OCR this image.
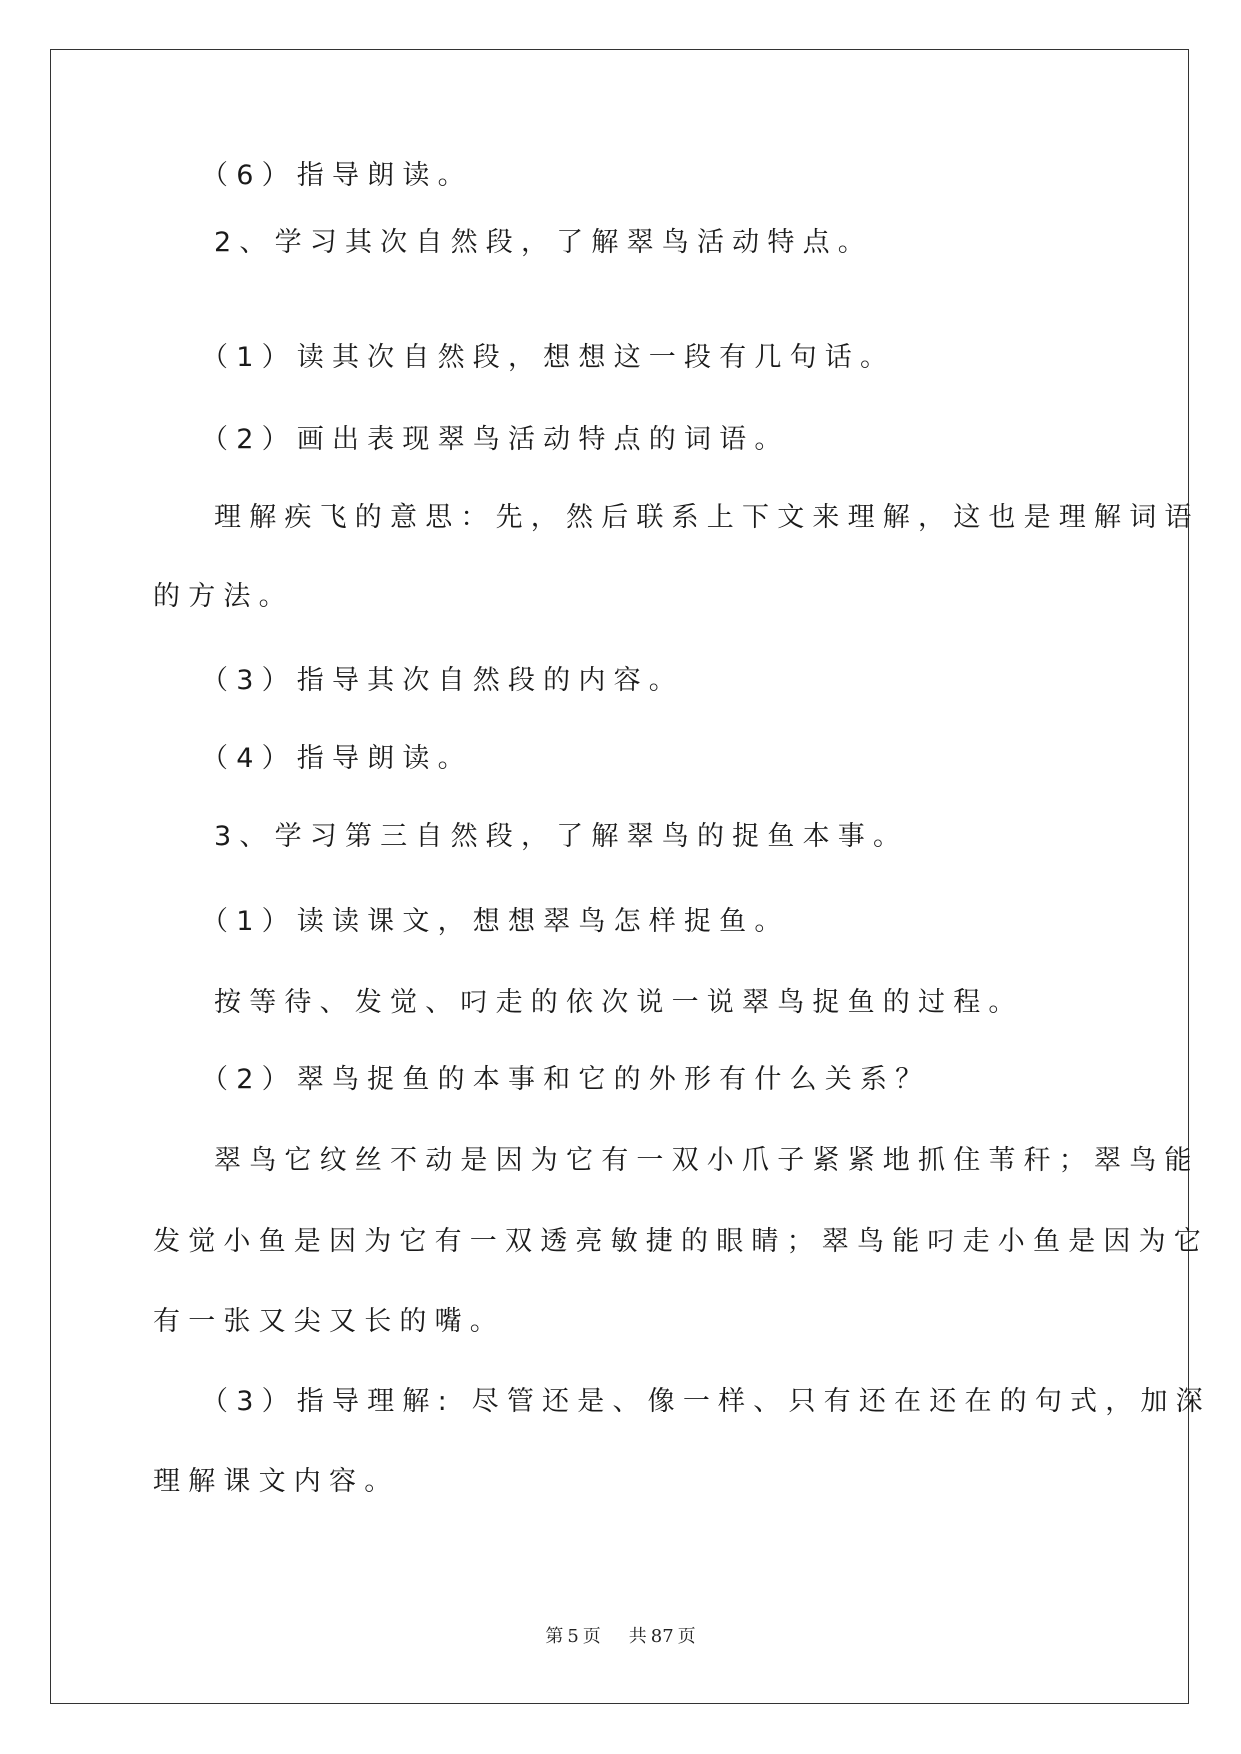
（6）指导朗读。
2、学习其次自然段，了解翠鸟活动特点。
（1）读其次自然段，想想这一段有几句话。
（2）画出表现翠鸟活动特点的词语。
理解疾飞的意思：先，然后联系上下文来理解，这也是理解词语
的方法。
（3）指导其次自然段的内容。
（4）指导朗读。
3、学习第三自然段，了解翠鸟的捉鱼本事。
（1）读读课文，想想翠鸟怎样捉鱼。
按等待、发觉、叼走的依次说一说翠鸟捉鱼的过程。
（2）翠鸟捉鱼的本事和它的外形有什么关系？
翠鸟它纹丝不动是因为它有一双小爪子紧紧地抓住苇秆；翠鸟能
发觉小鱼是因为它有一双透亮敏捷的眼睛；翠鸟能叼走小鱼是因为它
有一张又尖又长的嘴。
（3）指导理解: 尽管还是、像一样、只有还在还在的句式，加深
理解课文内容。
第 5 页 共 87 页
